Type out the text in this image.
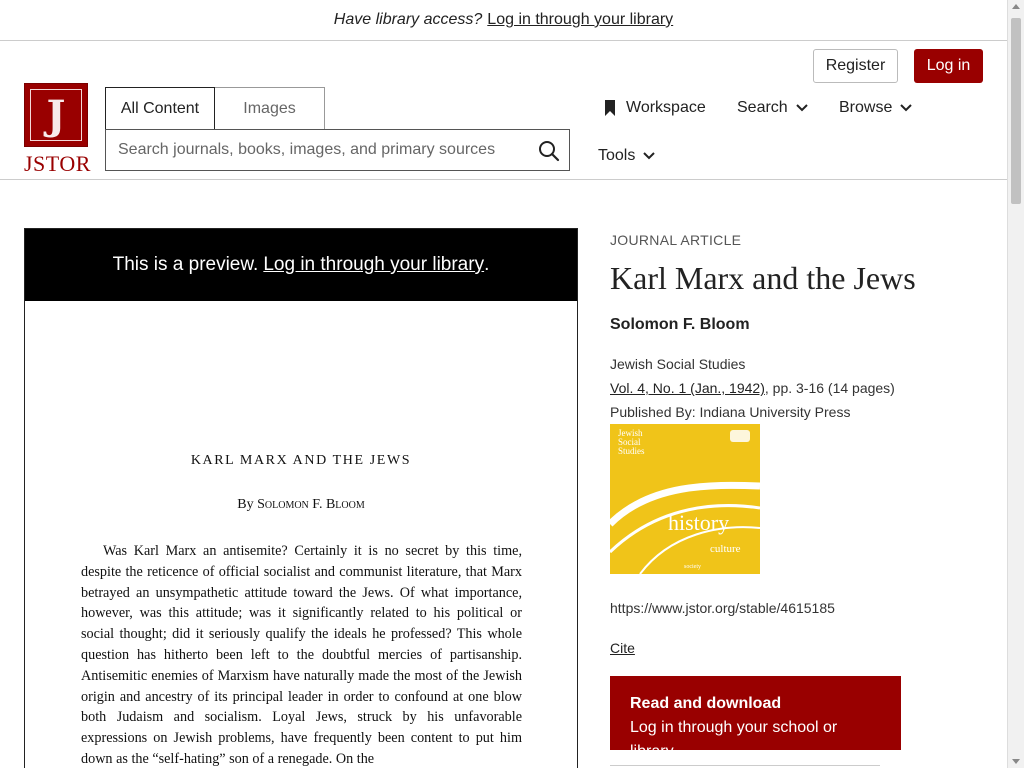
Have library access? Log in through your library
Register	Log in
J
JSTOR
All Content	Images
Search journals, books, images, and primary sources	Workspace Search	Browse
Tools
This is a preview. Log in through your library .
KARL MARX AND THE JEWS
By Solomon F. Bloom
Was Karl Marx an antisemite? Certainly it is no secret by this time, despite the reticence of official socialist and communist literature, that Marx betrayed an unsympathetic attitude toward the Jews. Of what importance, however, was this attitude; was it significantly related to his political or social thought; did it seriously qualify the ideals he professed? This whole question has hitherto been left to the doubtful mercies of partisanship. Antisemitic enemies of Marxism have naturally made the most of the Jewish origin and ancestry of its principal leader in order to confound at one blow both Judaism and socialism. Loyal Jews, struck by his unfavorable expressions on Jewish problems, have frequently been content to put him down as the “self-hating” son of a renegade. On the
JOURNAL ARTICLE
Karl Marx and the Jews
Solomon F. Bloom
Jewish Social Studies
Vol. 4, No. 1 (Jan., 1942), pp. 3-16 (14 pages)
Published By: Indiana University Press
Jewish
Social
Studies
history
culture
society
https://www.jstor.org/stable/4615185
Cite
Read and download
Log in through your school or library
